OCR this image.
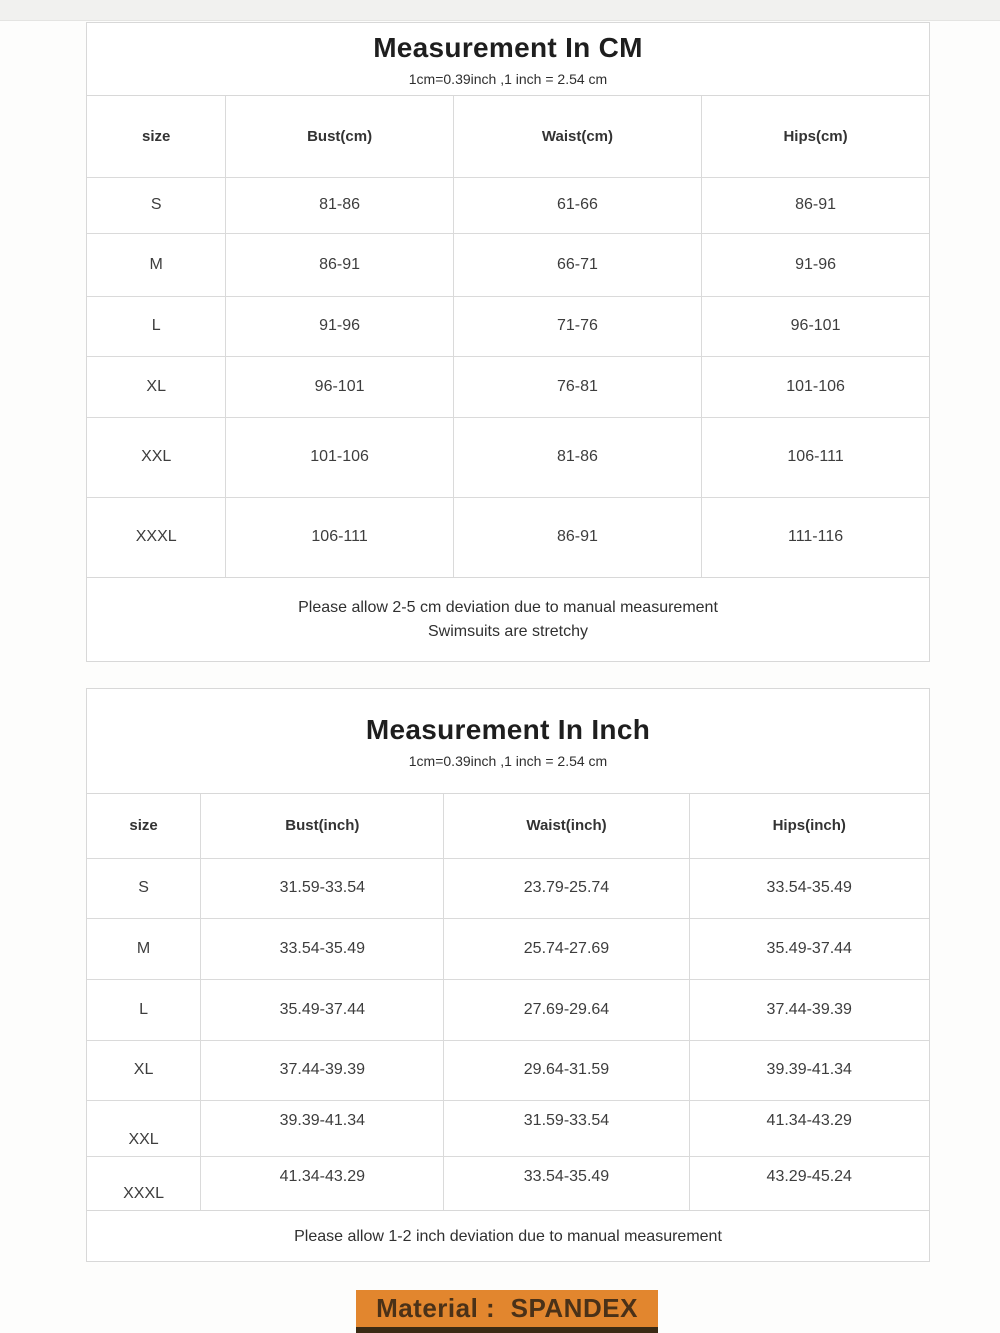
Measurement In CM
1cm=0.39inch ,1 inch = 2.54 cm
size	Bust(cm)	Waist(cm)	Hips(cm)
S	81-86	61-66	86-91
M	86-91	66-71	91-96
L	91-96	71-76	96-101
XL	96-101	76-81	101-106
XXL	101-106	81-86	106-111
XXXL	106-111	86-91	111-116
Please allow 2-5 cm deviation due to manual measurement
Swimsuits are stretchy
Measurement In Inch
1cm=0.39inch ,1 inch = 2.54 cm
size	Bust(inch)	Waist(inch)	Hips(inch)
S	31.59-33.54	23.79-25.74	33.54-35.49
M	33.54-35.49	25.74-27.69	35.49-37.44
L	35.49-37.44	27.69-29.64	37.44-39.39
XL	37.44-39.39	29.64-31.59	39.39-41.34
XXL	39.39-41.34	31.59-33.54	41.34-43.29
XXXL	41.34-43.29	33.54-35.49	43.29-45.24
Please allow 1-2 inch deviation due to manual measurement
Material :  SPANDEX
